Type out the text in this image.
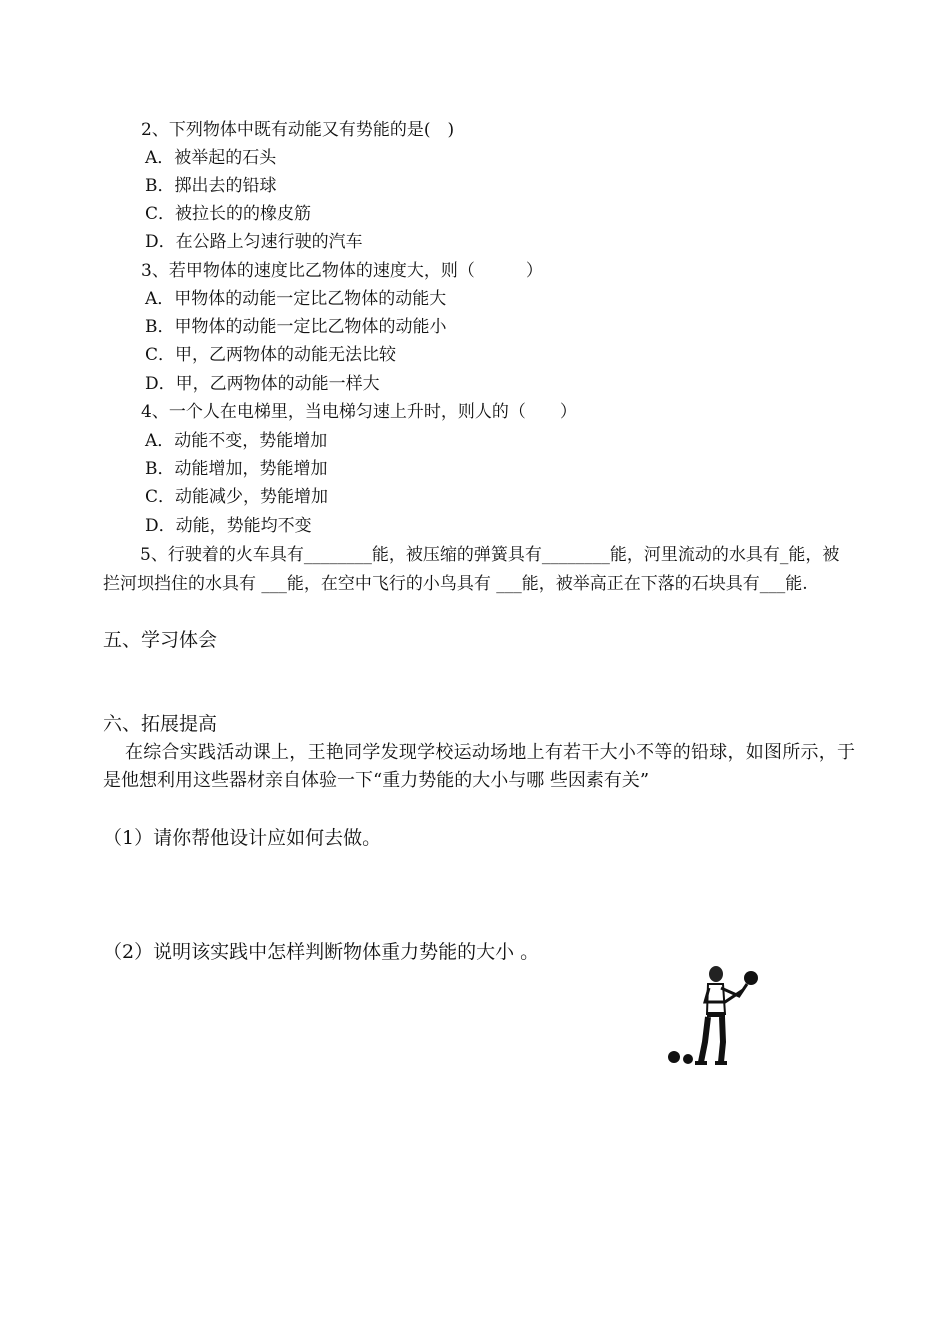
2、下列物体中既有动能又有势能的是(　)
A．被举起的石头
B．掷出去的铅球
C．被拉长的的橡皮筋
D．在公路上匀速行驶的汽车
3、若甲物体的速度比乙物体的速度大，则（　　　）
A．甲物体的动能一定比乙物体的动能大
B．甲物体的动能一定比乙物体的动能小
C．甲，乙两物体的动能无法比较
D．甲，乙两物体的动能一样大
4、一个人在电梯里，当电梯匀速上升时，则人的（　　）
A．动能不变，势能增加
B．动能增加，势能增加
C．动能减少，势能增加
D．动能，势能均不变
5、行驶着的火车具有________能，被压缩的弹簧具有________能，河里流动的水具有_能，被拦河坝挡住的水具有 ___能，在空中飞行的小鸟具有 ___能，被举高正在下落的石块具有___能.
五、学习体会
六、拓展提高
在综合实践活动课上，王艳同学发现学校运动场地上有若干大小不等的铅球，如图所示，于是他想利用这些器材亲自体验一下“重力势能的大小与哪 些因素有关”
（1）请你帮他设计应如何去做。
（2）说明该实践中怎样判断物体重力势能的大小 。
